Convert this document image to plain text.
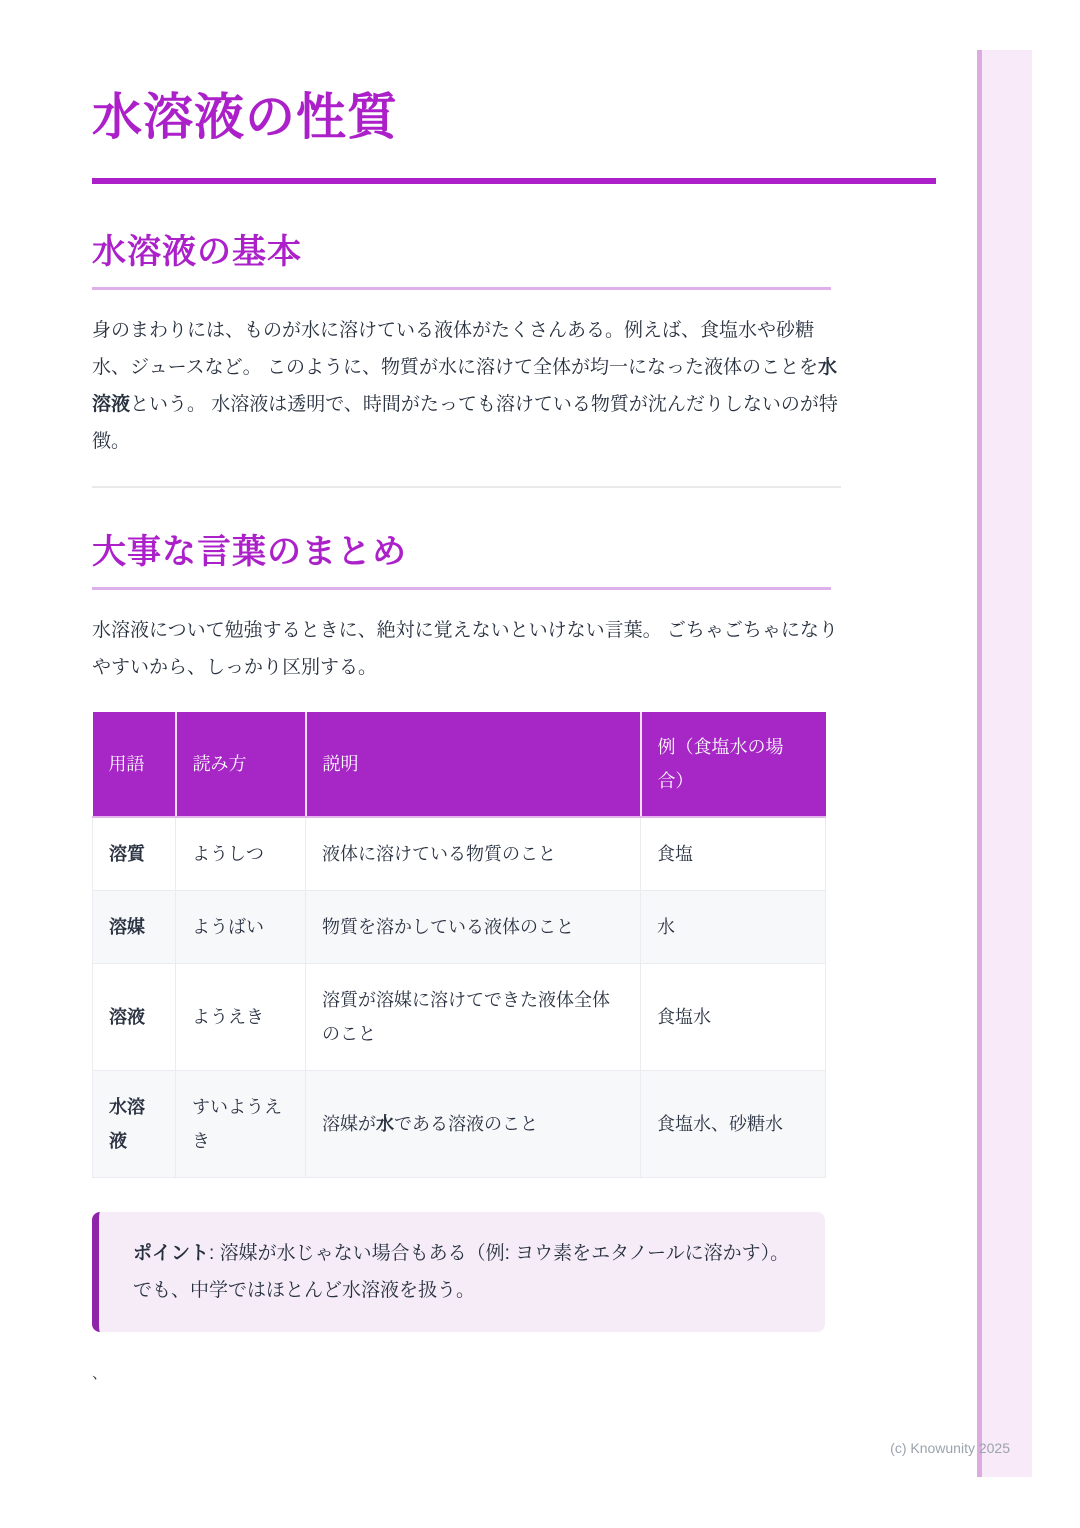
水溶液の性質
水溶液の基本

身のまわりには、ものが水に溶けている液体がたくさんある。例えば、食塩水や砂糖水、ジュースなど。 このように、物質が水に溶けて全体が均一になった液体のことを水溶液という。 水溶液は透明で、時間がたっても溶けている物質が沈んだりしないのが特徴。

大事な言葉のまとめ

水溶液について勉強するときに、絶対に覚えないといけない言葉。 ごちゃごちゃになりやすいから、しっかり区別する。

用語	読み方	説明	例（食塩水の場合）
溶質	ようしつ	液体に溶けている物質のこと	食塩
溶媒	ようばい	物質を溶かしている液体のこと	水
溶液	ようえき	溶質が溶媒に溶けてできた液体全体のこと	食塩水
水溶液	すいようえき	溶媒が水である溶液のこと	食塩水、砂糖水
ポイント: 溶媒が水じゃない場合もある（例: ヨウ素をエタノールに溶かす）。でも、中学ではほとんど水溶液を扱う。
、
(c) Knowunity 2025
